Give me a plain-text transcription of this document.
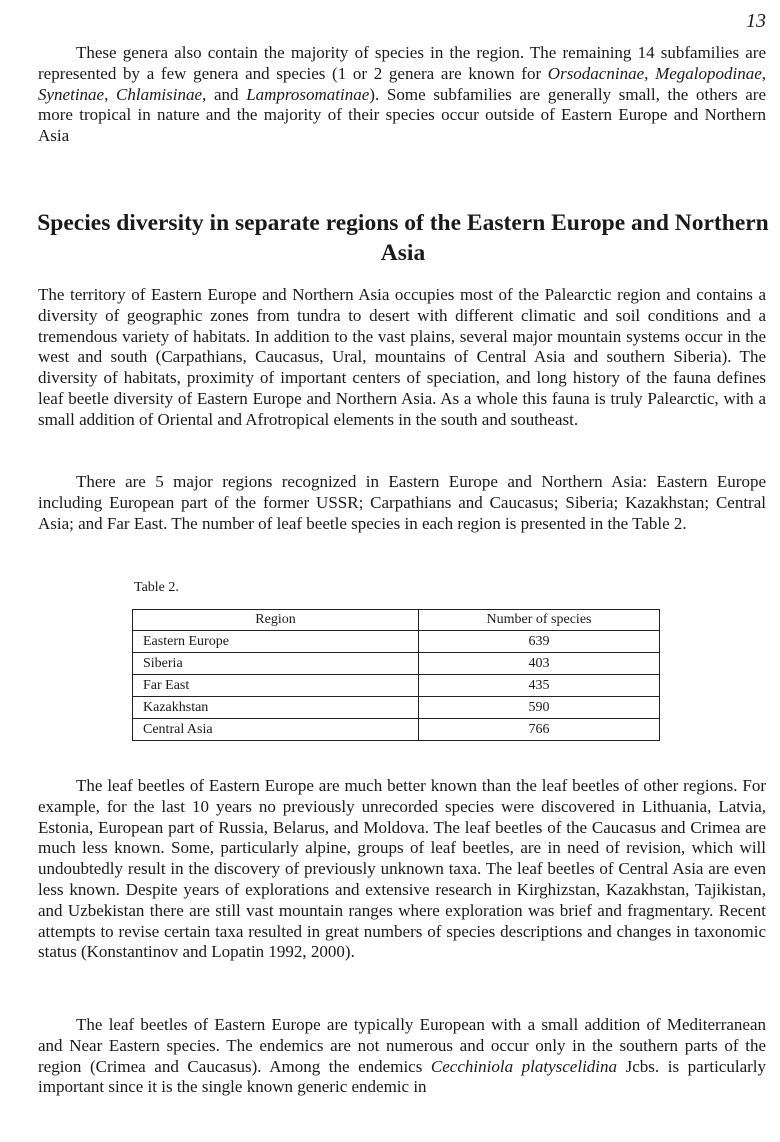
13

These genera also contain the majority of species in the region. The remaining 14 subfamilies are represented by a few genera and species (1 or 2 genera are known for Orsodacninae, Megalopodinae, Synetinae, Chlamisinae, and Lamprosomatinae). Some subfamilies are generally small, the others are more tropical in nature and the majority of their species occur outside of Eastern Europe and Northern Asia

Species diversity in separate regions of the Eastern Europe and Northern Asia

The territory of Eastern Europe and Northern Asia occupies most of the Palearctic region and contains a diversity of geographic zones from tundra to desert with different climatic and soil conditions and a tremendous variety of habitats. In addition to the vast plains, several major mountain systems occur in the west and south (Carpathians, Caucasus, Ural, mountains of Central Asia and southern Siberia). The diversity of habitats, proximity of important centers of speciation, and long history of the fauna defines leaf beetle diversity of Eastern Europe and Northern Asia. As a whole this fauna is truly Palearctic, with a small addition of Oriental and Afrotropical elements in the south and southeast.

There are 5 major regions recognized in Eastern Europe and Northern Asia: Eastern Europe including European part of the former USSR; Carpathians and Caucasus; Siberia; Kazakhstan; Central Asia; and Far East. The number of leaf beetle species in each region is presented in the Table 2.

Table 2.
Region	Number of species
Eastern Europe	639
Siberia	403
Far East	435
Kazakhstan	590
Central Asia	766

The leaf beetles of Eastern Europe are much better known than the leaf beetles of other regions. For example, for the last 10 years no previously unrecorded species were discovered in Lithuania, Latvia, Estonia, European part of Russia, Belarus, and Moldova. The leaf beetles of the Caucasus and Crimea are much less known. Some, particularly alpine, groups of leaf beetles, are in need of revision, which will undoubtedly result in the discovery of previously unknown taxa. The leaf beetles of Central Asia are even less known. Despite years of explorations and extensive research in Kirghizstan, Kazakhstan, Tajikistan, and Uzbekistan there are still vast mountain ranges where exploration was brief and fragmentary. Recent attempts to revise certain taxa resulted in great numbers of species descriptions and changes in taxonomic status (Konstantinov and Lopatin 1992, 2000).

The leaf beetles of Eastern Europe are typically European with a small addition of Mediterranean and Near Eastern species. The endemics are not numerous and occur only in the southern parts of the region (Crimea and Caucasus). Among the endemics Cecchiniola platyscelidina Jcbs. is particularly important since it is the single known generic endemic in
